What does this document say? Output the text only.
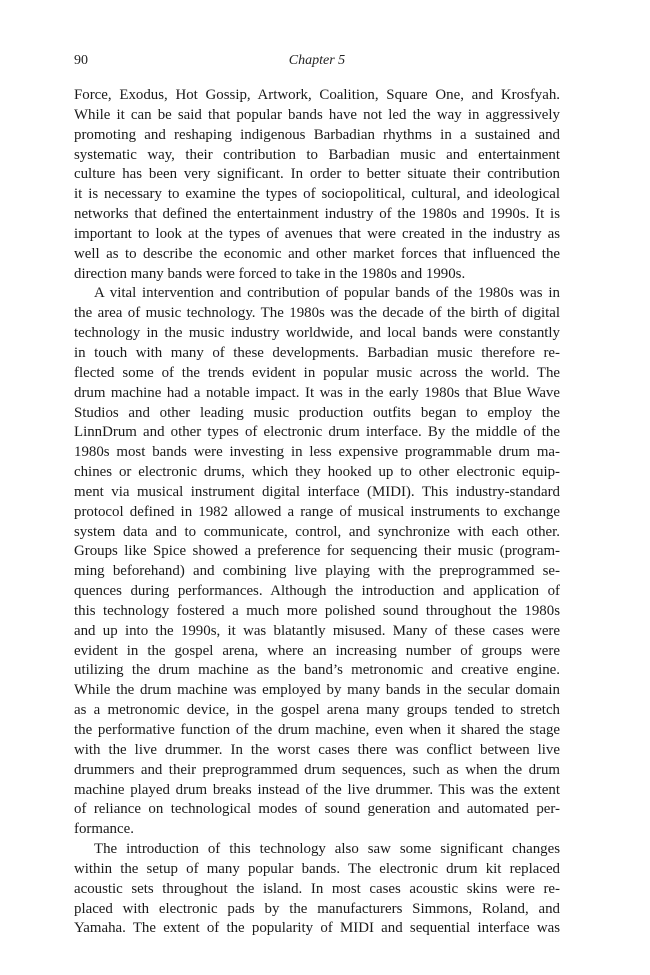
90	Chapter 5
Force, Exodus, Hot Gossip, Artwork, Coalition, Square One, and Krosfyah.
While it can be said that popular bands have not led the way in aggressively
promoting and reshaping indigenous Barbadian rhythms in a sustained and
systematic way, their contribution to Barbadian music and entertainment
culture has been very significant. In order to better situate their contribution
it is necessary to examine the types of sociopolitical, cultural, and ideological
networks that defined the entertainment industry of the 1980s and 1990s. It is
important to look at the types of avenues that were created in the industry as
well as to describe the economic and other market forces that influenced the
direction many bands were forced to take in the 1980s and 1990s.
A vital intervention and contribution of popular bands of the 1980s was in
the area of music technology. The 1980s was the decade of the birth of digital
technology in the music industry worldwide, and local bands were constantly
in touch with many of these developments. Barbadian music therefore re-
flected some of the trends evident in popular music across the world. The
drum machine had a notable impact. It was in the early 1980s that Blue Wave
Studios and other leading music production outfits began to employ the
LinnDrum and other types of electronic drum interface. By the middle of the
1980s most bands were investing in less expensive programmable drum ma-
chines or electronic drums, which they hooked up to other electronic equip-
ment via musical instrument digital interface (MIDI). This industry-standard
protocol defined in 1982 allowed a range of musical instruments to exchange
system data and to communicate, control, and synchronize with each other.
Groups like Spice showed a preference for sequencing their music (program-
ming beforehand) and combining live playing with the preprogrammed se-
quences during performances. Although the introduction and application of
this technology fostered a much more polished sound throughout the 1980s
and up into the 1990s, it was blatantly misused. Many of these cases were
evident in the gospel arena, where an increasing number of groups were
utilizing the drum machine as the band’s metronomic and creative engine.
While the drum machine was employed by many bands in the secular domain
as a metronomic device, in the gospel arena many groups tended to stretch
the performative function of the drum machine, even when it shared the stage
with the live drummer. In the worst cases there was conflict between live
drummers and their preprogrammed drum sequences, such as when the drum
machine played drum breaks instead of the live drummer. This was the extent
of reliance on technological modes of sound generation and automated per-
formance.
The introduction of this technology also saw some significant changes
within the setup of many popular bands. The electronic drum kit replaced
acoustic sets throughout the island. In most cases acoustic skins were re-
placed with electronic pads by the manufacturers Simmons, Roland, and
Yamaha. The extent of the popularity of MIDI and sequential interface was
